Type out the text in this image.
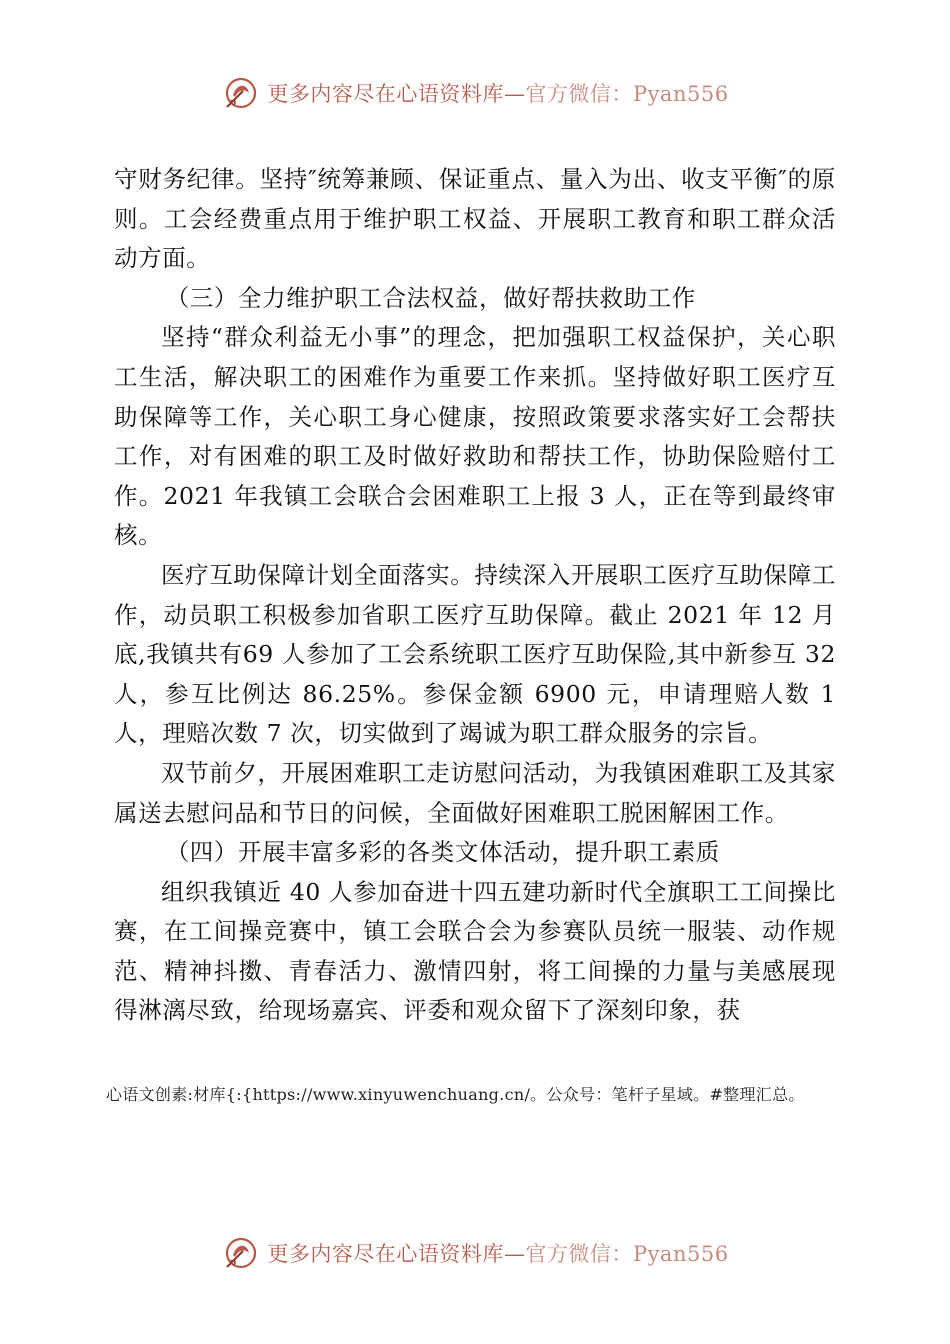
更多内容尽在心语资料库—官方微信：Pyan556

守财务纪律。坚持″统筹兼顾、保证重点、量入为出、收支平衡″的原则。工会经费重点用于维护职工权益、开展职工教育和职工群众活动方面。

（三）全力维护职工合法权益，做好帮扶救助工作

坚持“群众利益无小事”的理念，把加强职工权益保护，关心职工生活，解决职工的困难作为重要工作来抓。坚持做好职工医疗互助保障等工作，关心职工身心健康，按照政策要求落实好工会帮扶工作，对有困难的职工及时做好救助和帮扶工作，协助保险赔付工作。2021 年我镇工会联合会困难职工上报 3 人，正在等到最终审核。

医疗互助保障计划全面落实。持续深入开展职工医疗互助保障工作，动员职工积极参加省职工医疗互助保障。截止 2021 年 12 月底,我镇共有69 人参加了工会系统职工医疗互助保险,其中新参互 32 人，参互比例达 86.25%。参保金额 6900 元，申请理赔人数 1 人，理赔次数 7 次，切实做到了竭诚为职工群众服务的宗旨。

双节前夕，开展困难职工走访慰问活动，为我镇困难职工及其家属送去慰问品和节日的问候，全面做好困难职工脱困解困工作。

（四）开展丰富多彩的各类文体活动，提升职工素质

组织我镇近 40 人参加奋进十四五建功新时代全旗职工工间操比赛，在工间操竞赛中，镇工会联合会为参赛队员统一服装、动作规范、精神抖擞、青春活力、激情四射，将工间操的力量与美感展现得淋漓尽致，给现场嘉宾、评委和观众留下了深刻印象，获

心语文创素:材库{:{https://www.xinyuwenchuang.cn/。公众号：笔杆子星域。#整理汇总。
更多内容尽在心语资料库—官方微信：Pyan556
